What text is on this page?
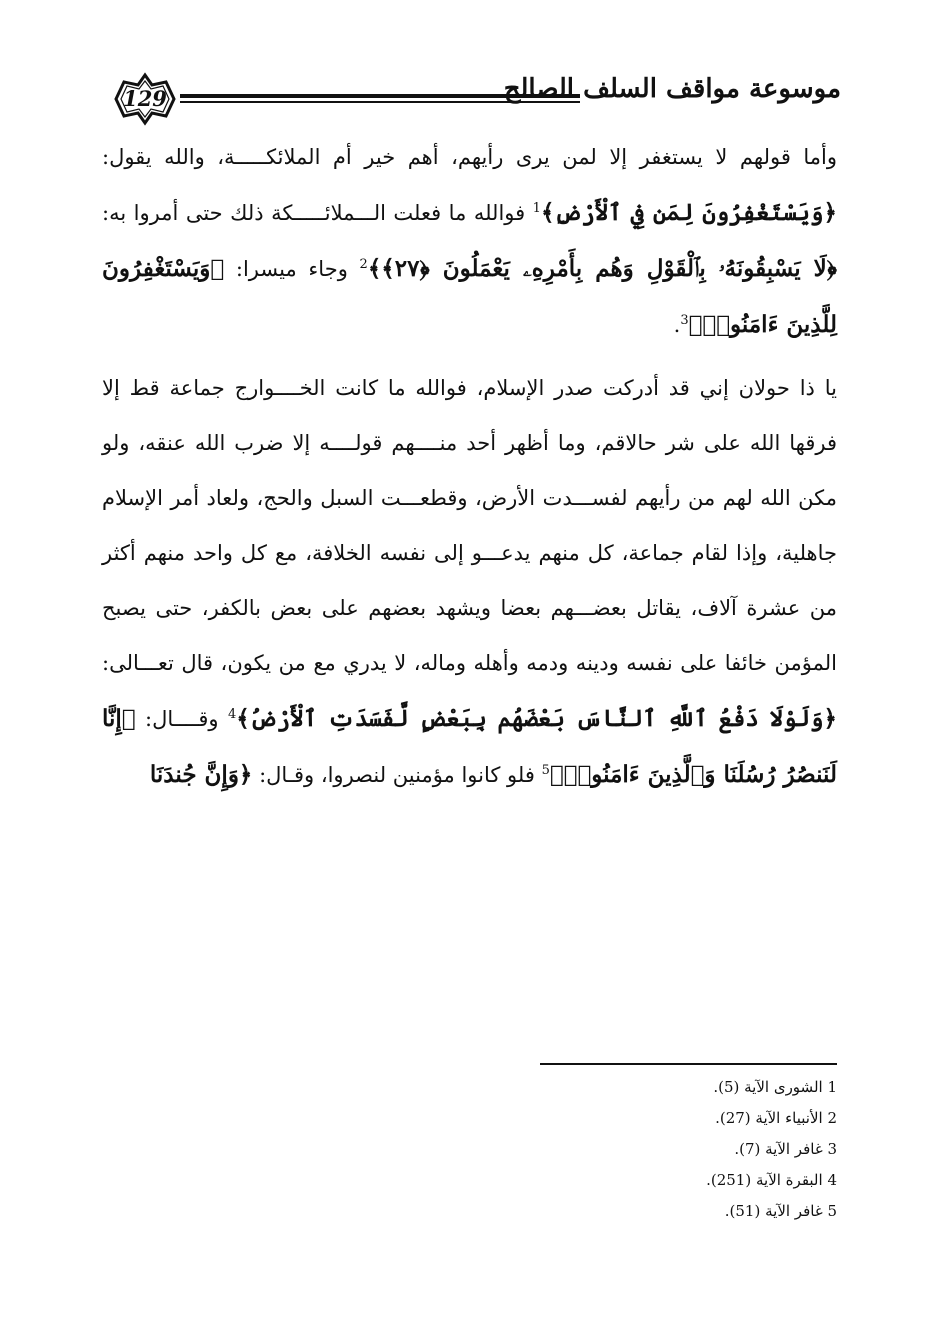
129	موسوعة مواقف السلف الصالح

وأما قولهم لا يستغفر إلا لمن يرى رأيهم، أهم خير أم الملائكـــــة، والله يقول: ﴿وَيَسْتَغْفِرُونَ لِمَن فِي ٱلْأَرْضِ﴾$^1$ فوالله ما فعلت الـــملائـــــكة ذلك حتى أمروا به: ﴿لَا يَسْبِقُونَهُۥ بِٱلْقَوْلِ وَهُم بِأَمْرِهِۦ يَعْمَلُونَ ﴿٢٧﴾﴾$^2$ وجاء ميسرا: ﴿وَيَسْتَغْفِرُونَ لِلَّذِينَ ءَامَنُوا۟﴾$^3$.

يا ذا حولان إني قد أدركت صدر الإسلام، فوالله ما كانت الخــــوارج جماعة قط إلا فرقها الله على شر حالاقم، وما أظهر أحد منــــهم قولــــه إلا ضرب الله عنقه، ولو مكن الله لهم من رأيهم لفســـدت الأرض، وقطعـــت السبل والحج، ولعاد أمر الإسلام جاهلية، وإذا لقام جماعة، كل منهم يدعـــو إلى نفسه الخلافة، مع كل واحد منهم أكثر من عشرة آلاف، يقاتل بعضـــهم بعضا ويشهد بعضهم على بعض بالكفر، حتى يصبح المؤمن خائفا على نفسه ودينه ودمه وأهله وماله، لا يدري مع من يكون، قال تعـــالى: ﴿وَلَوْلَا دَفْعُ ٱللَّهِ ٱلنَّاسَ بَعْضَهُم بِبَعْضٍ لَّفَسَدَتِ ٱلْأَرْضُ﴾$^4$ وقــــال: ﴿إِنَّا لَنَنصُرُ رُسُلَنَا وَٱلَّذِينَ ءَامَنُوا۟﴾$^5$ فلو كانوا مؤمنين لنصروا، وقـال: ﴿وَإِنَّ جُندَنَا

1 الشورى الآية (5).
2 الأنبياء الآية (27).
3 غافر الآية (7).
4 البقرة الآية (251).
5 غافر الآية (51).
